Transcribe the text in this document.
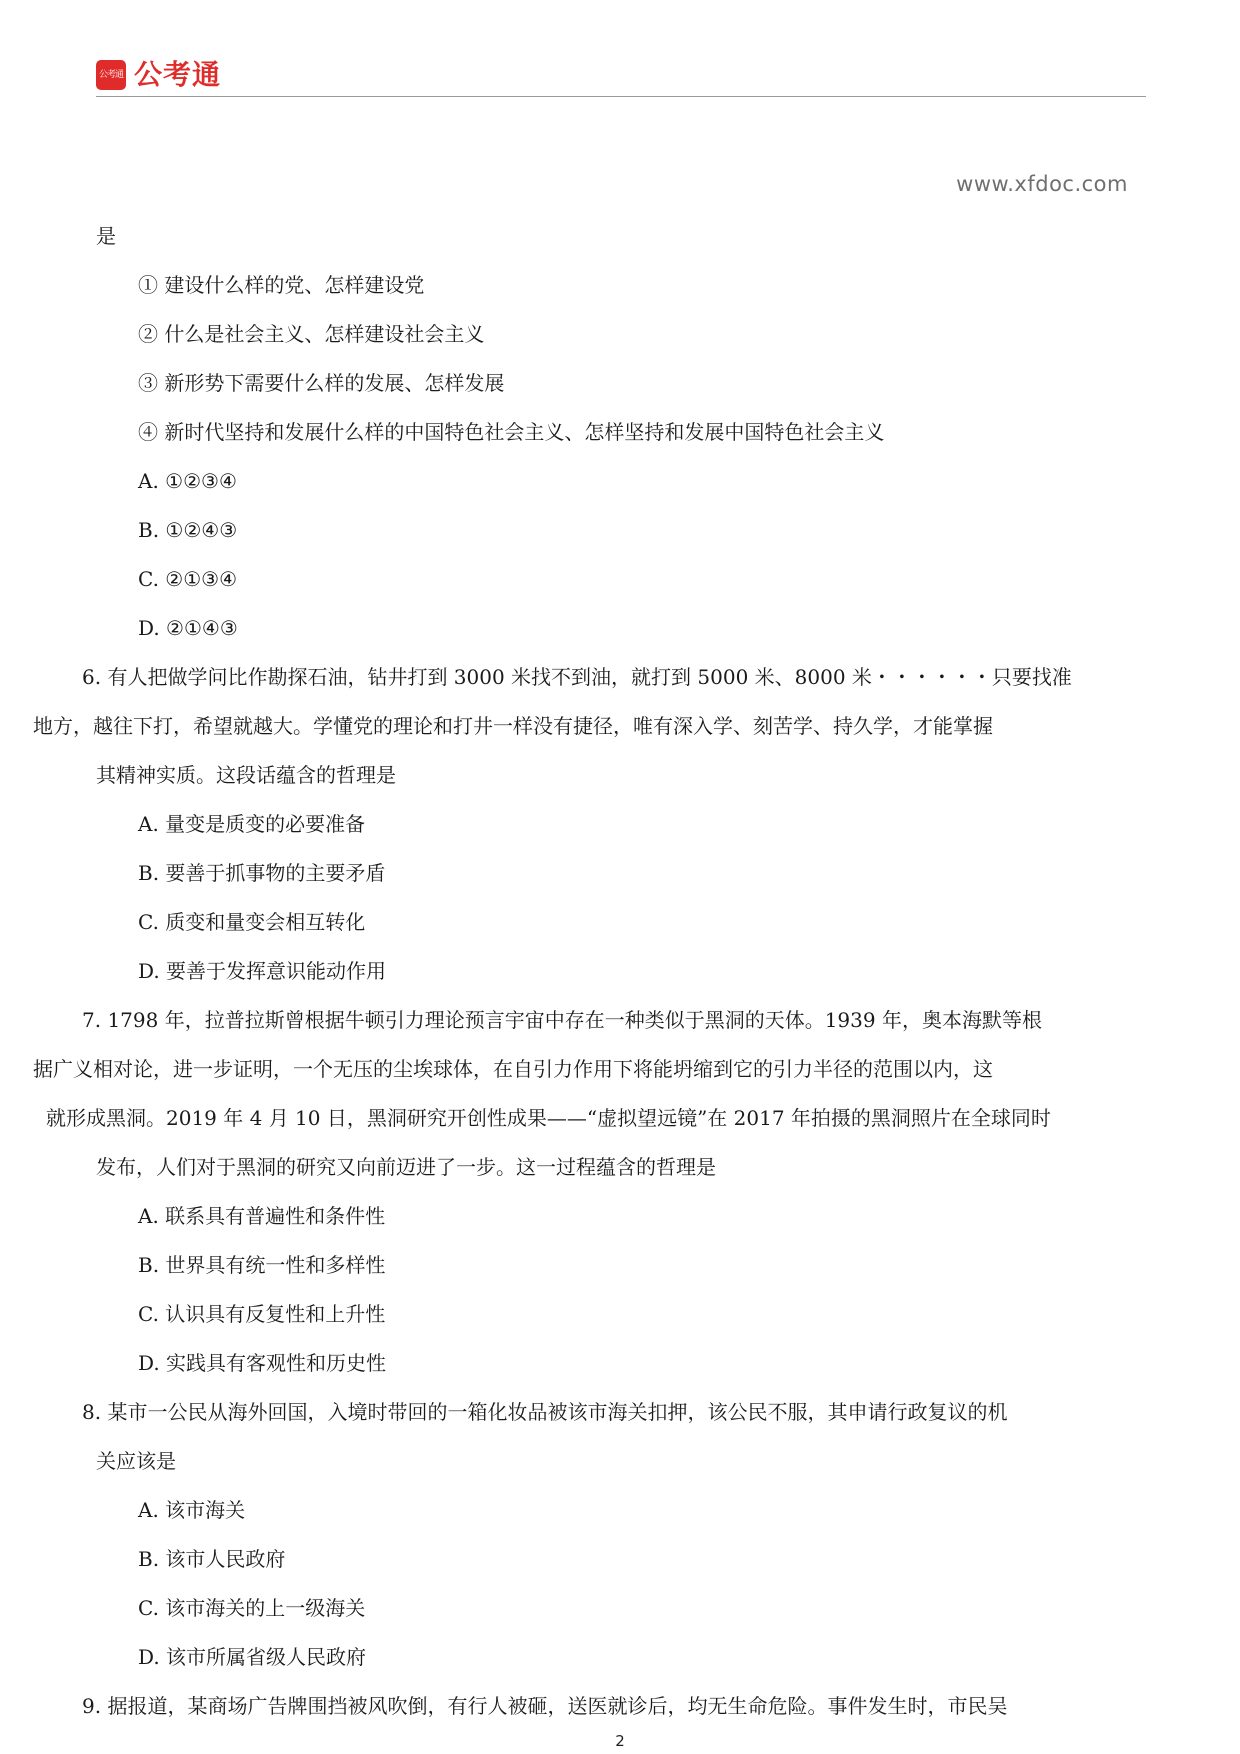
公考通 公考通
www.xfdoc.com
是
① 建设什么样的党、怎样建设党
② 什么是社会主义、怎样建设社会主义
③ 新形势下需要什么样的发展、怎样发展
④ 新时代坚持和发展什么样的中国特色社会主义、怎样坚持和发展中国特色社会主义
A. ①②③④
B. ①②④③
C. ②①③④
D. ②①④③
6. 有人把做学问比作勘探石油，钻井打到 3000 米找不到油，就打到 5000 米、8000 米・・・・・・只要找准
地方，越往下打，希望就越大。学懂党的理论和打井一样没有捷径，唯有深入学、刻苦学、持久学，才能掌握
其精神实质。这段话蕴含的哲理是
A. 量变是质变的必要准备
B. 要善于抓事物的主要矛盾
C. 质变和量变会相互转化
D. 要善于发挥意识能动作用
7. 1798 年，拉普拉斯曾根据牛顿引力理论预言宇宙中存在一种类似于黑洞的天体。1939 年，奥本海默等根
据广义相对论，进一步证明，一个无压的尘埃球体，在自引力作用下将能坍缩到它的引力半径的范围以内，这
就形成黑洞。2019 年 4 月 10 日，黑洞研究开创性成果——“虚拟望远镜”在 2017 年拍摄的黑洞照片在全球同时
发布，人们对于黑洞的研究又向前迈进了一步。这一过程蕴含的哲理是
A. 联系具有普遍性和条件性
B. 世界具有统一性和多样性
C. 认识具有反复性和上升性
D. 实践具有客观性和历史性
8. 某市一公民从海外回国，入境时带回的一箱化妆品被该市海关扣押，该公民不服，其申请行政复议的机
关应该是
A. 该市海关
B. 该市人民政府
C. 该市海关的上一级海关
D. 该市所属省级人民政府
9. 据报道，某商场广告牌围挡被风吹倒，有行人被砸，送医就诊后，均无生命危险。事件发生时，市民吴
2
